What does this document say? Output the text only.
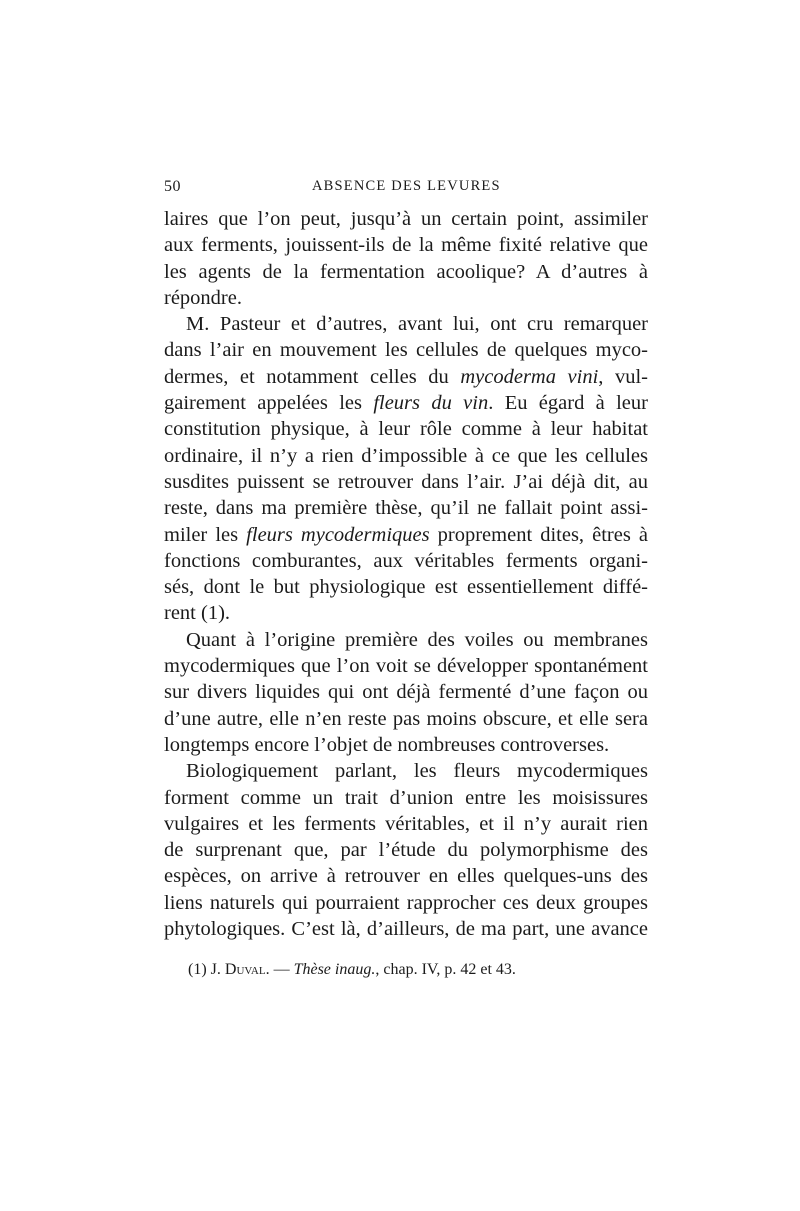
50	ABSENCE DES LEVURES
laires que l’on peut, jusqu’à un certain point, assimiler
aux ferments, jouissent-ils de la même fixité relative que
les agents de la fermentation acoolique? A d’autres à
répondre.
M. Pasteur et d’autres, avant lui, ont cru remarquer
dans l’air en mouvement les cellules de quelques myco-
dermes, et notamment celles du mycoderma vini, vul-
gairement appelées les fleurs du vin. Eu égard à leur
constitution physique, à leur rôle comme à leur habitat
ordinaire, il n’y a rien d’impossible à ce que les cellules
susdites puissent se retrouver dans l’air. J’ai déjà dit, au
reste, dans ma première thèse, qu’il ne fallait point assi-
miler les fleurs mycodermiques proprement dites, êtres à
fonctions comburantes, aux véritables ferments organi-
sés, dont le but physiologique est essentiellement diffé-
rent (1).
Quant à l’origine première des voiles ou membranes
mycodermiques que l’on voit se développer spontanément
sur divers liquides qui ont déjà fermenté d’une façon ou
d’une autre, elle n’en reste pas moins obscure, et elle sera
longtemps encore l’objet de nombreuses controverses.
Biologiquement parlant, les fleurs mycodermiques
forment comme un trait d’union entre les moisissures
vulgaires et les ferments véritables, et il n’y aurait rien
de surprenant que, par l’étude du polymorphisme des
espèces, on arrive à retrouver en elles quelques-uns des
liens naturels qui pourraient rapprocher ces deux groupes
phytologiques. C’est là, d’ailleurs, de ma part, une avance
(1) J. Duval. — Thèse inaug., chap. IV, p. 42 et 43.
